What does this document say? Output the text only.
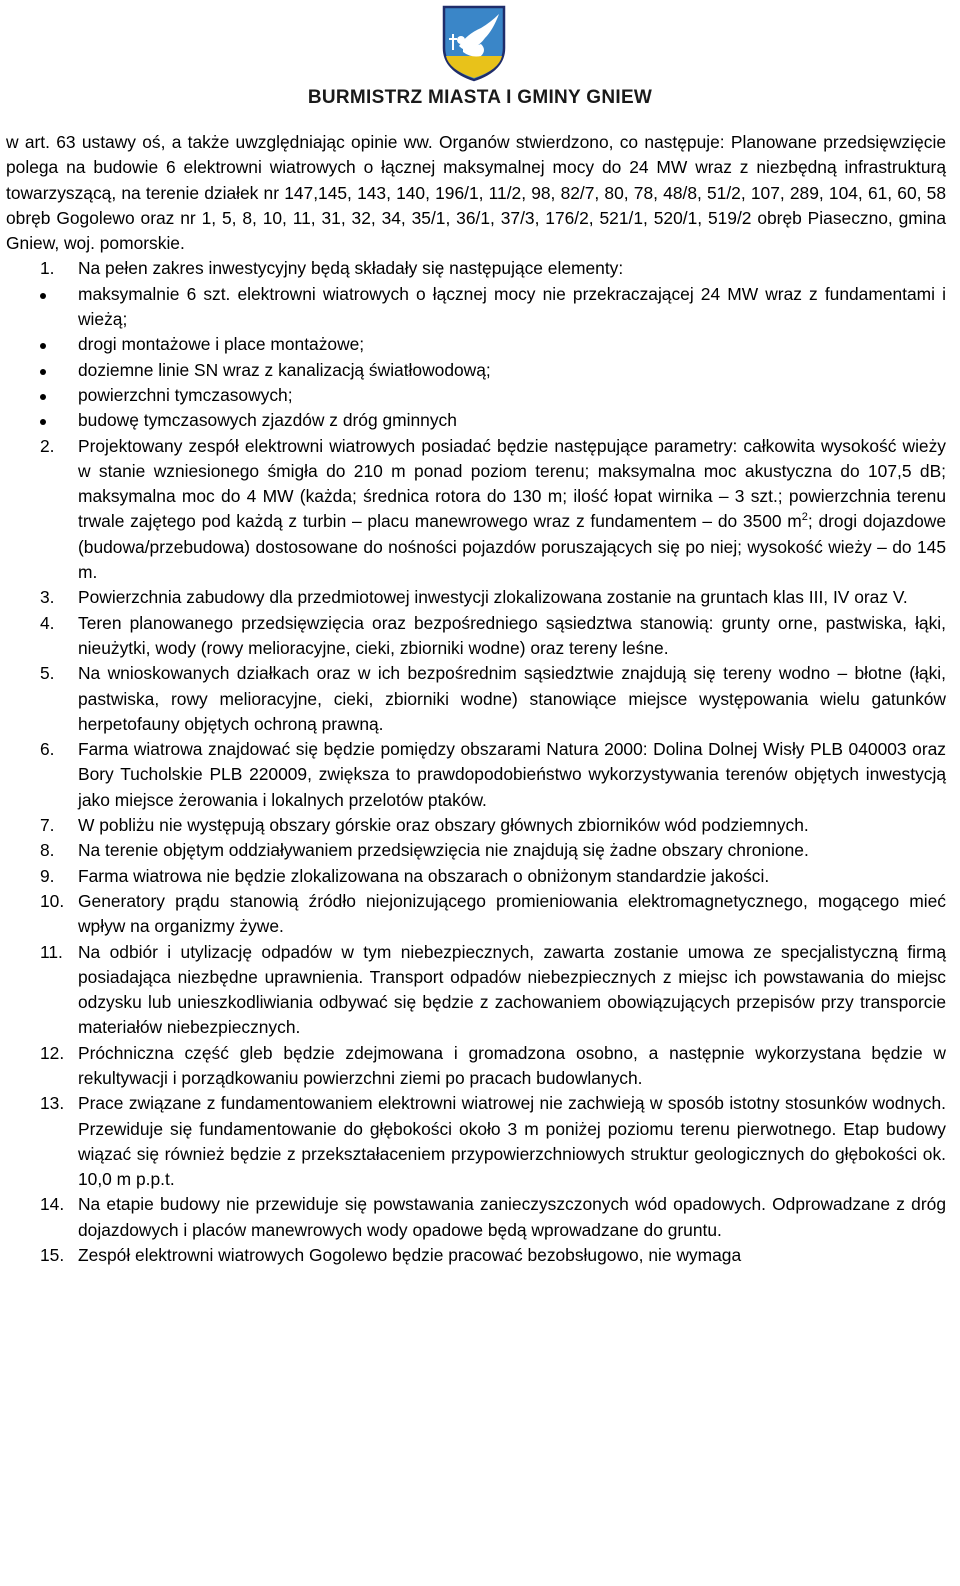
BURMISTRZ MIASTA I GMINY GNIEW

w art. 63 ustawy oś, a także uwzględniając opinie ww. Organów stwierdzono, co następuje: Planowane przedsięwzięcie polega na budowie 6 elektrowni wiatrowych o łącznej maksymalnej mocy do 24 MW wraz z niezbędną infrastrukturą towarzyszącą, na terenie działek nr 147,145, 143, 140, 196/1, 11/2, 98, 82/7, 80, 78, 48/8, 51/2, 107, 289, 104, 61, 60, 58 obręb Gogolewo oraz nr 1, 5, 8, 10, 11, 31, 32, 34, 35/1, 36/1, 37/3, 176/2, 521/1, 520/1, 519/2 obręb Piaseczno, gmina Gniew, woj. pomorskie.

1. Na pełen zakres inwestycyjny będą składały się następujące elementy:
maksymalnie 6 szt. elektrowni wiatrowych o łącznej mocy nie przekraczającej 24 MW wraz z fundamentami i wieżą;
drogi montażowe i place montażowe;
doziemne linie SN wraz z kanalizacją światłowodową;
powierzchni tymczasowych;
budowę tymczasowych zjazdów z dróg gminnych
2. Projektowany zespół elektrowni wiatrowych posiadać będzie następujące parametry: całkowita wysokość wieży w stanie wzniesionego śmigła do 210 m ponad poziom terenu; maksymalna moc akustyczna do 107,5 dB; maksymalna moc do 4 MW (każda; średnica rotora do 130 m; ilość łopat wirnika – 3 szt.; powierzchnia terenu trwale zajętego pod każdą z turbin – placu manewrowego wraz z fundamentem – do 3500 $m^2$; drogi dojazdowe (budowa/przebudowa) dostosowane do nośności pojazdów poruszających się po niej; wysokość wieży – do 145 m.
3. Powierzchnia zabudowy dla przedmiotowej inwestycji zlokalizowana zostanie na gruntach klas III, IV oraz V.
4. Teren planowanego przedsięwzięcia oraz bezpośredniego sąsiedztwa stanowią: grunty orne, pastwiska, łąki, nieużytki, wody (rowy melioracyjne, cieki, zbiorniki wodne) oraz tereny leśne.
5. Na wnioskowanych działkach oraz w ich bezpośrednim sąsiedztwie znajdują się tereny wodno – błotne (łąki, pastwiska, rowy melioracyjne, cieki, zbiorniki wodne) stanowiące miejsce występowania wielu gatunków herpetofauny objętych ochroną prawną.
6. Farma wiatrowa znajdować się będzie pomiędzy obszarami Natura 2000: Dolina Dolnej Wisły PLB 040003 oraz Bory Tucholskie PLB 220009, zwiększa to prawdopodobieństwo wykorzystywania terenów objętych inwestycją jako miejsce żerowania i lokalnych przelotów ptaków.
7. W pobliżu nie występują obszary górskie oraz obszary głównych zbiorników wód podziemnych.
8. Na terenie objętym oddziaływaniem przedsięwzięcia nie znajdują się żadne obszary chronione.
9. Farma wiatrowa nie będzie zlokalizowana na obszarach o obniżonym standardzie jakości.
10. Generatory prądu stanowią źródło niejonizującego promieniowania elektromagnetycznego, mogącego mieć wpływ na organizmy żywe.
11. Na odbiór i utylizację odpadów w tym niebezpiecznych, zawarta zostanie umowa ze specjalistyczną firmą posiadająca niezbędne uprawnienia. Transport odpadów niebezpiecznych z miejsc ich powstawania do miejsc odzysku lub unieszkodliwiania odbywać się będzie z zachowaniem obowiązujących przepisów przy transporcie materiałów niebezpiecznych.
12. Próchniczna część gleb będzie zdejmowana i gromadzona osobno, a następnie wykorzystana będzie w rekultywacji i porządkowaniu powierzchni ziemi po pracach budowlanych.
13. Prace związane z fundamentowaniem elektrowni wiatrowej nie zachwieją w sposób istotny stosunków wodnych. Przewiduje się fundamentowanie do głębokości około 3 m poniżej poziomu terenu pierwotnego. Etap budowy wiązać się również będzie z przekształaceniem przypowierzchniowych struktur geologicznych do głębokości ok. 10,0 m p.p.t.
14. Na etapie budowy nie przewiduje się powstawania zanieczyszczonych wód opadowych. Odprowadzane z dróg dojazdowych i placów manewrowych wody opadowe będą wprowadzane do gruntu.
15. Zespół elektrowni wiatrowych Gogolewo będzie pracować bezobsługowo, nie wymaga
